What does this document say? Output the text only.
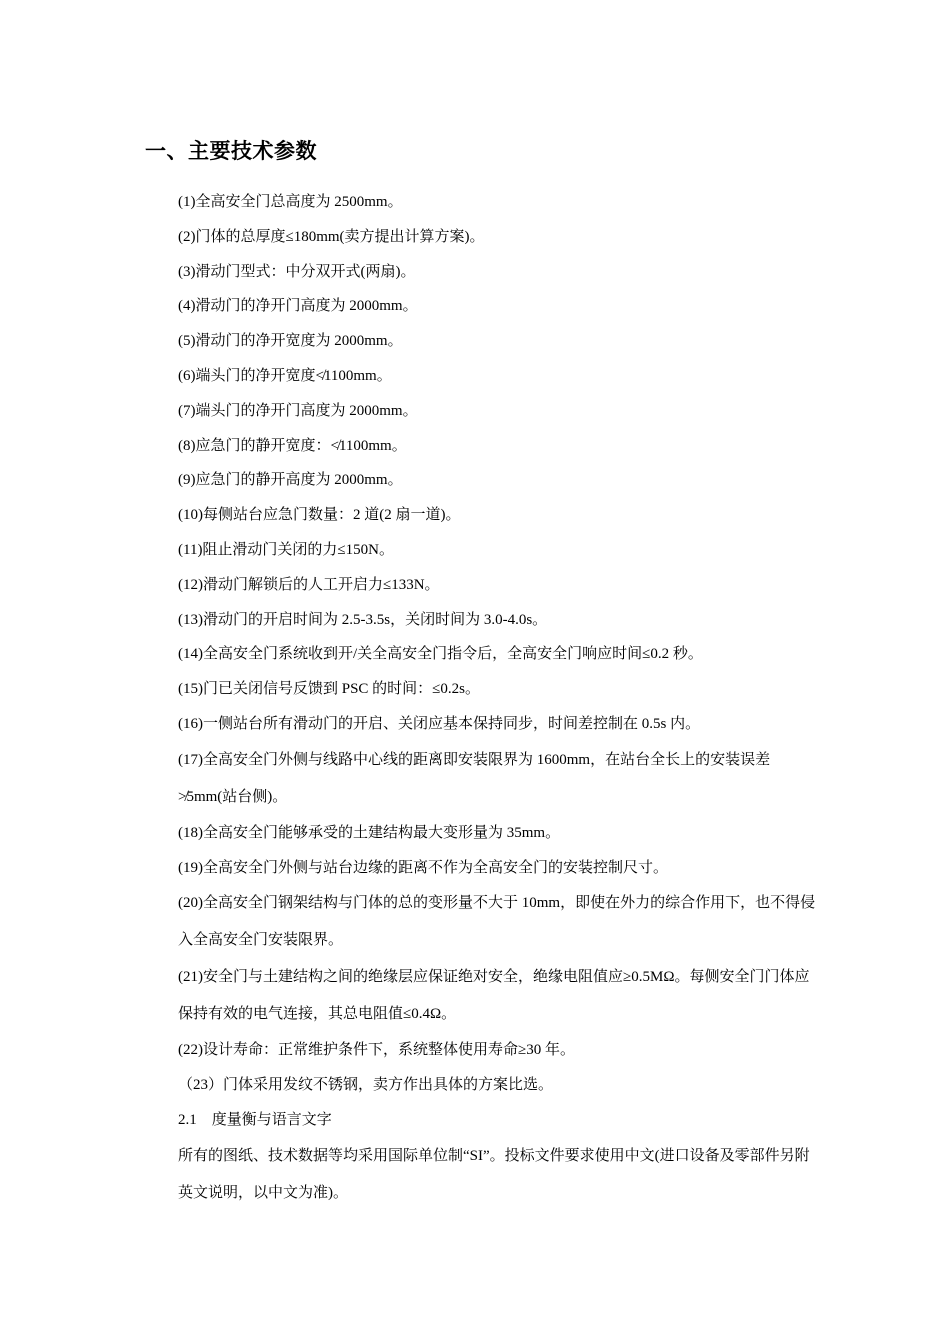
一、主要技术参数
(1)全高安全门总高度为 2500mm。
(2)门体的总厚度≤180mm(卖方提出计算方案)。
(3)滑动门型式：中分双开式(两扇)。
(4)滑动门的净开门高度为 2000mm。
(5)滑动门的净开宽度为 2000mm。
(6)端头门的净开宽度≮1100mm。
(7)端头门的净开门高度为 2000mm。
(8)应急门的静开宽度：≮1100mm。
(9)应急门的静开高度为 2000mm。
(10)每侧站台应急门数量：2 道(2 扇一道)。
(11)阻止滑动门关闭的力≤150N。
(12)滑动门解锁后的人工开启力≤133N。
(13)滑动门的开启时间为 2.5-3.5s，关闭时间为 3.0-4.0s。
(14)全高安全门系统收到开/关全高安全门指令后，全高安全门响应时间≤0.2 秒。
(15)门已关闭信号反馈到 PSC 的时间：≤0.2s。
(16)一侧站台所有滑动门的开启、关闭应基本保持同步，时间差控制在 0.5s 内。
(17)全高安全门外侧与线路中心线的距离即安装限界为 1600mm，在站台全长上的安装误差≯5mm(站台侧)。
(18)全高安全门能够承受的土建结构最大变形量为 35mm。
(19)全高安全门外侧与站台边缘的距离不作为全高安全门的安装控制尺寸。
(20)全高安全门钢架结构与门体的总的变形量不大于 10mm，即使在外力的综合作用下，也不得侵入全高安全门安装限界。
(21)安全门与土建结构之间的绝缘层应保证绝对安全，绝缘电阻值应≥0.5MΩ。每侧安全门门体应保持有效的电气连接，其总电阻值≤0.4Ω。
(22)设计寿命：正常维护条件下，系统整体使用寿命≥30 年。
（23）门体采用发纹不锈钢，卖方作出具体的方案比选。
2.1　度量衡与语言文字
所有的图纸、技术数据等均采用国际单位制“SI”。投标文件要求使用中文(进口设备及零部件另附英文说明，以中文为准)。
